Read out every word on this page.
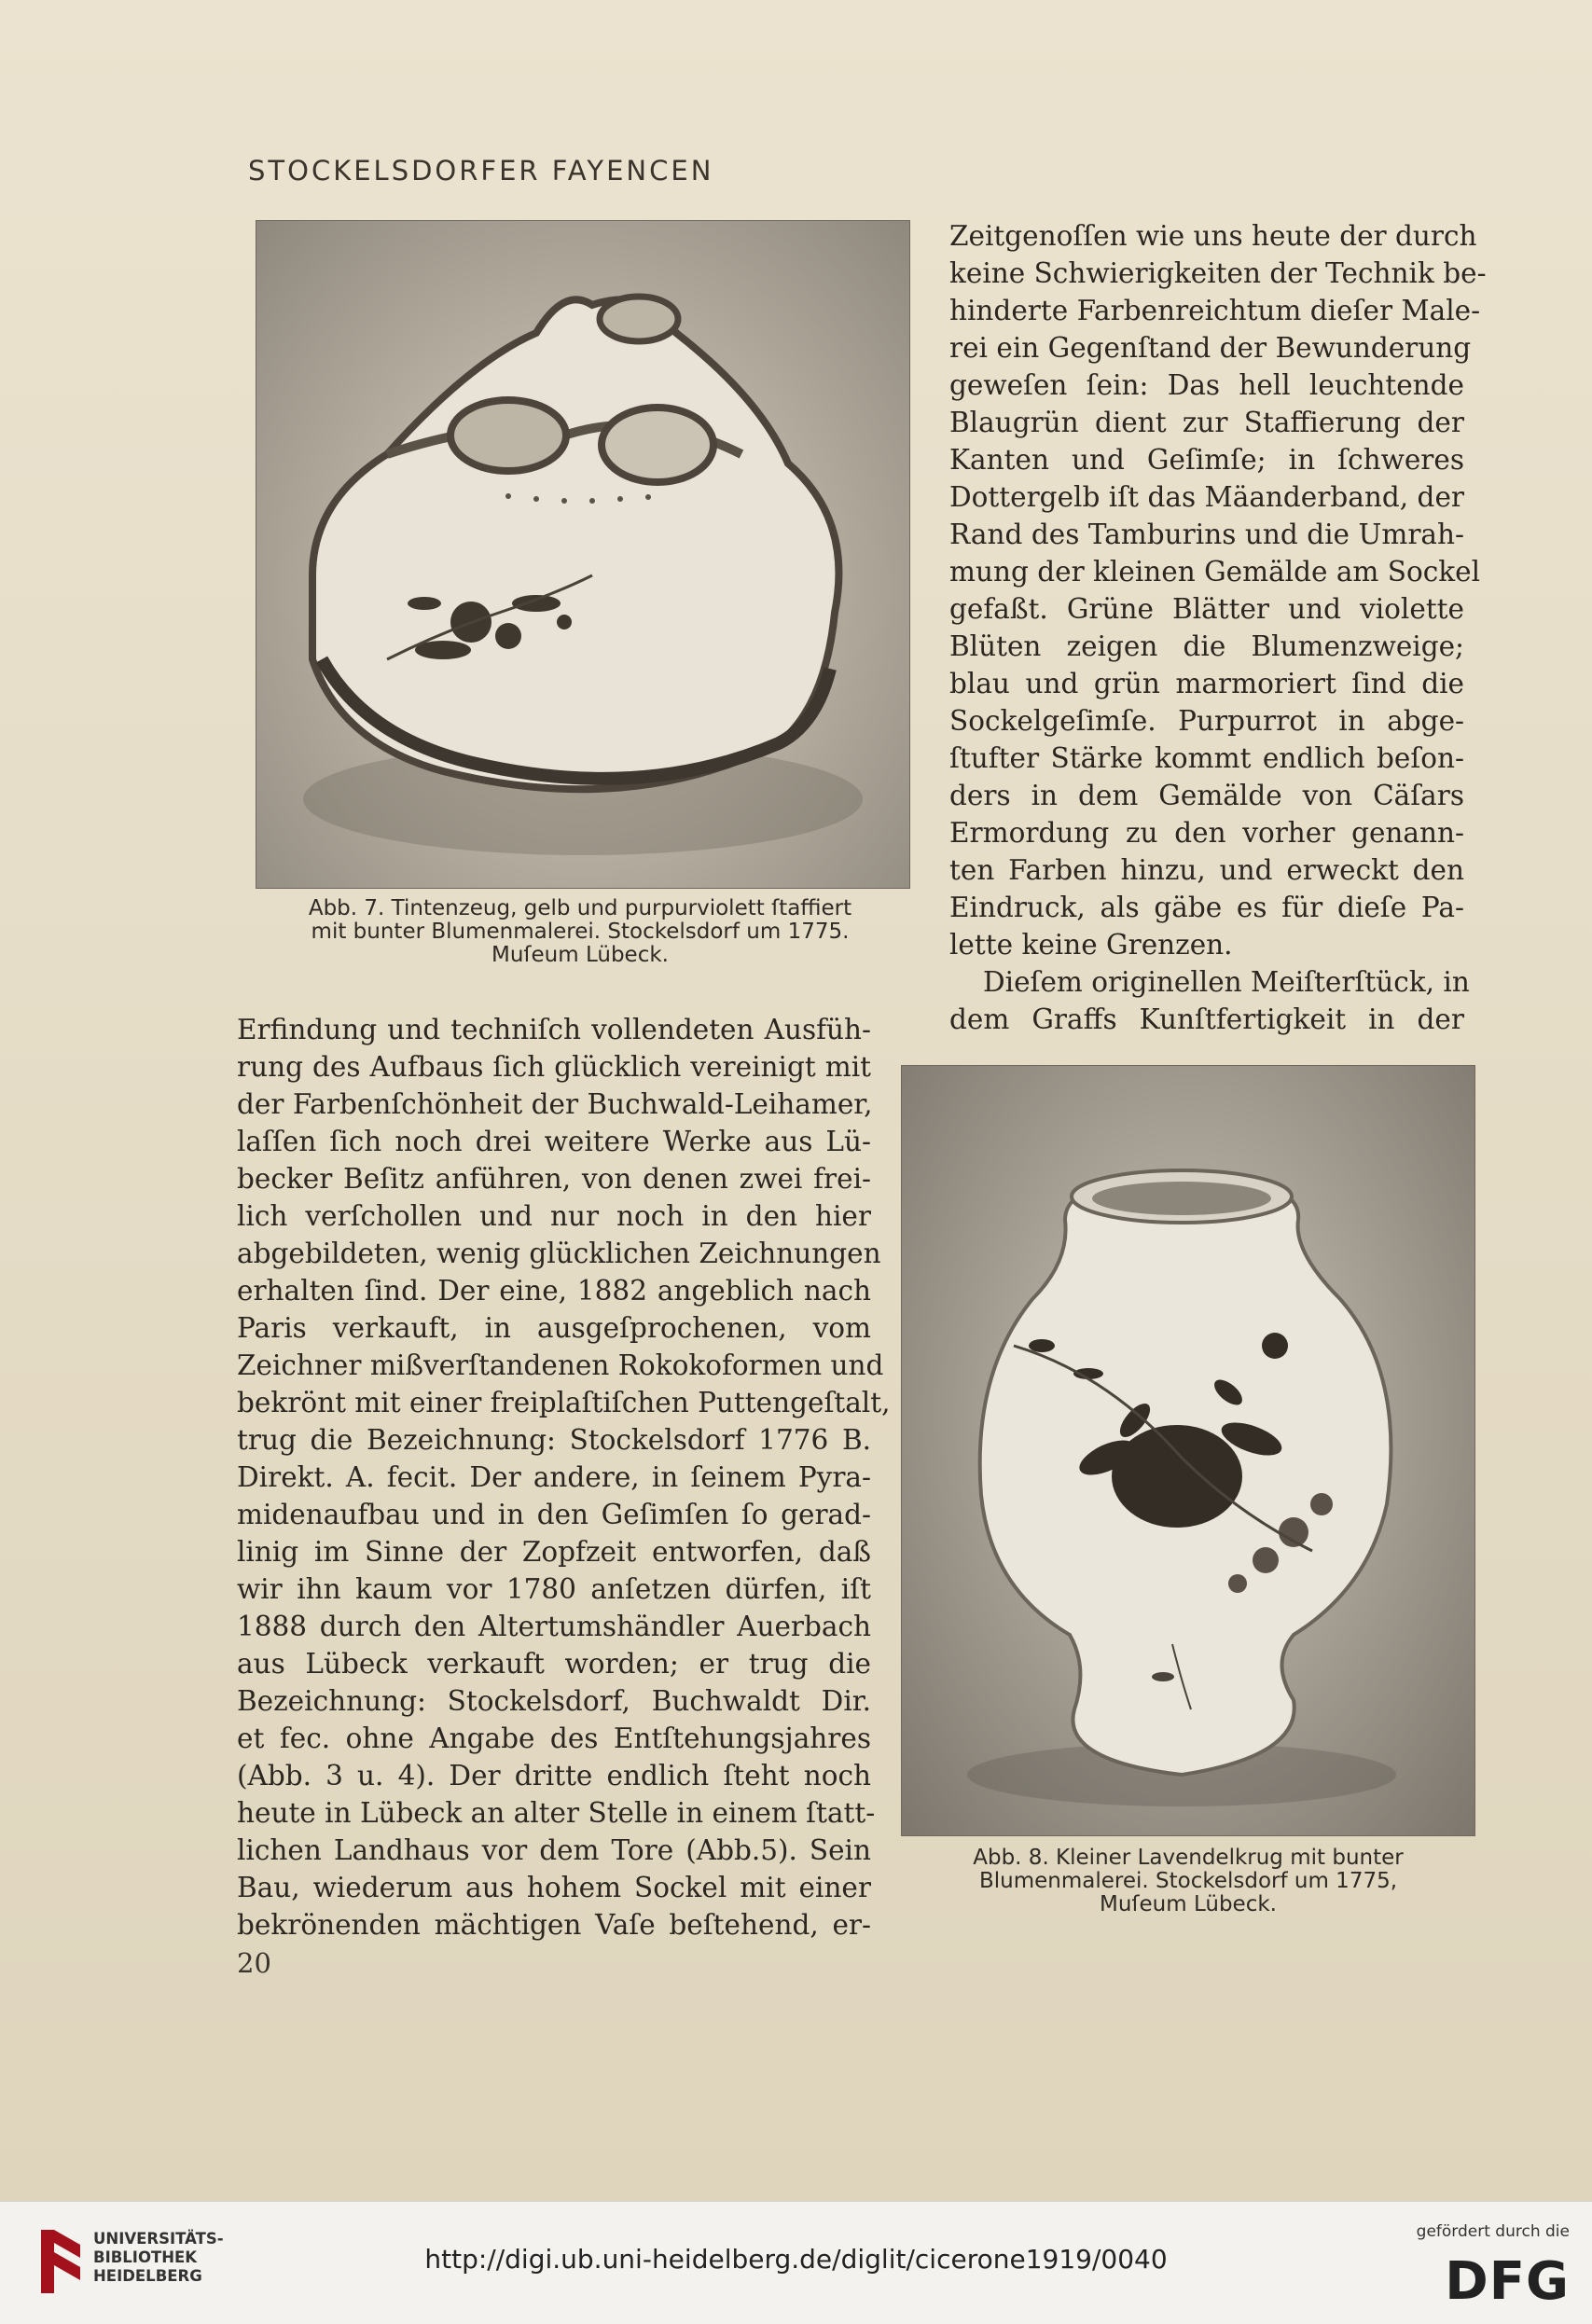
STOCKELSDORFER FAYENCEN
Abb. 7. Tintenzeug, gelb und purpurviolett ſtaffiert
mit bunter Blumenmalerei. Stockelsdorf um 1775.
Muſeum Lübeck.
Zeitgenoſſen wie uns heute der durch
keine Schwierigkeiten der Technik be-
hinderte Farbenreichtum dieſer Male-
rei ein Gegenſtand der Bewunderung
geweſen ſein: Das hell leuchtende
Blaugrün dient zur Staffierung der
Kanten und Geſimſe; in ſchweres
Dottergelb iſt das Mäanderband, der
Rand des Tamburins und die Umrah-
mung der kleinen Gemälde am Sockel
gefaßt. Grüne Blätter und violette
Blüten zeigen die Blumenzweige;
blau und grün marmoriert ſind die
Sockelgeſimſe. Purpurrot in abge-
ſtufter Stärke kommt endlich beſon-
ders in dem Gemälde von Cäſars
Ermordung zu den vorher genann-
ten Farben hinzu, und erweckt den
Eindruck, als gäbe es für dieſe Pa-
lette keine Grenzen.
Dieſem originellen Meiſterſtück, in
dem Graffs Kunſtfertigkeit in der
Abb. 8. Kleiner Lavendelkrug mit bunter
Blumenmalerei. Stockelsdorf um 1775,
Muſeum Lübeck.
Erfindung und techniſch vollendeten Ausfüh-
rung des Aufbaus ſich glücklich vereinigt mit
der Farbenſchönheit der Buchwald-Leihamer,
laſſen ſich noch drei weitere Werke aus Lü-
becker Beſitz anführen, von denen zwei frei-
lich verſchollen und nur noch in den hier
abgebildeten, wenig glücklichen Zeichnungen
erhalten ſind. Der eine, 1882 angeblich nach
Paris verkauft, in ausgeſprochenen, vom
Zeichner mißverſtandenen Rokokoformen und
bekrönt mit einer freiplaſtiſchen Puttengeſtalt,
trug die Bezeichnung: Stockelsdorf 1776 B.
Direkt. A. fecit. Der andere, in ſeinem Pyra-
midenaufbau und in den Geſimſen ſo gerad-
linig im Sinne der Zopfzeit entworfen, daß
wir ihn kaum vor 1780 anſetzen dürfen, iſt
1888 durch den Altertumshändler Auerbach
aus Lübeck verkauft worden; er trug die
Bezeichnung: Stockelsdorf, Buchwaldt Dir.
et fec. ohne Angabe des Entſtehungsjahres
(Abb. 3 u. 4). Der dritte endlich ſteht noch
heute in Lübeck an alter Stelle in einem ſtatt-
lichen Landhaus vor dem Tore (Abb.5). Sein
Bau, wiederum aus hohem Sockel mit einer
bekrönenden mächtigen Vaſe beſtehend, er-
20
UNIVERSITÄTS-
BIBLIOTHEK
HEIDELBERG
http://digi.ub.uni-heidelberg.de/diglit/cicerone1919/0040
gefördert durch die
DFG
